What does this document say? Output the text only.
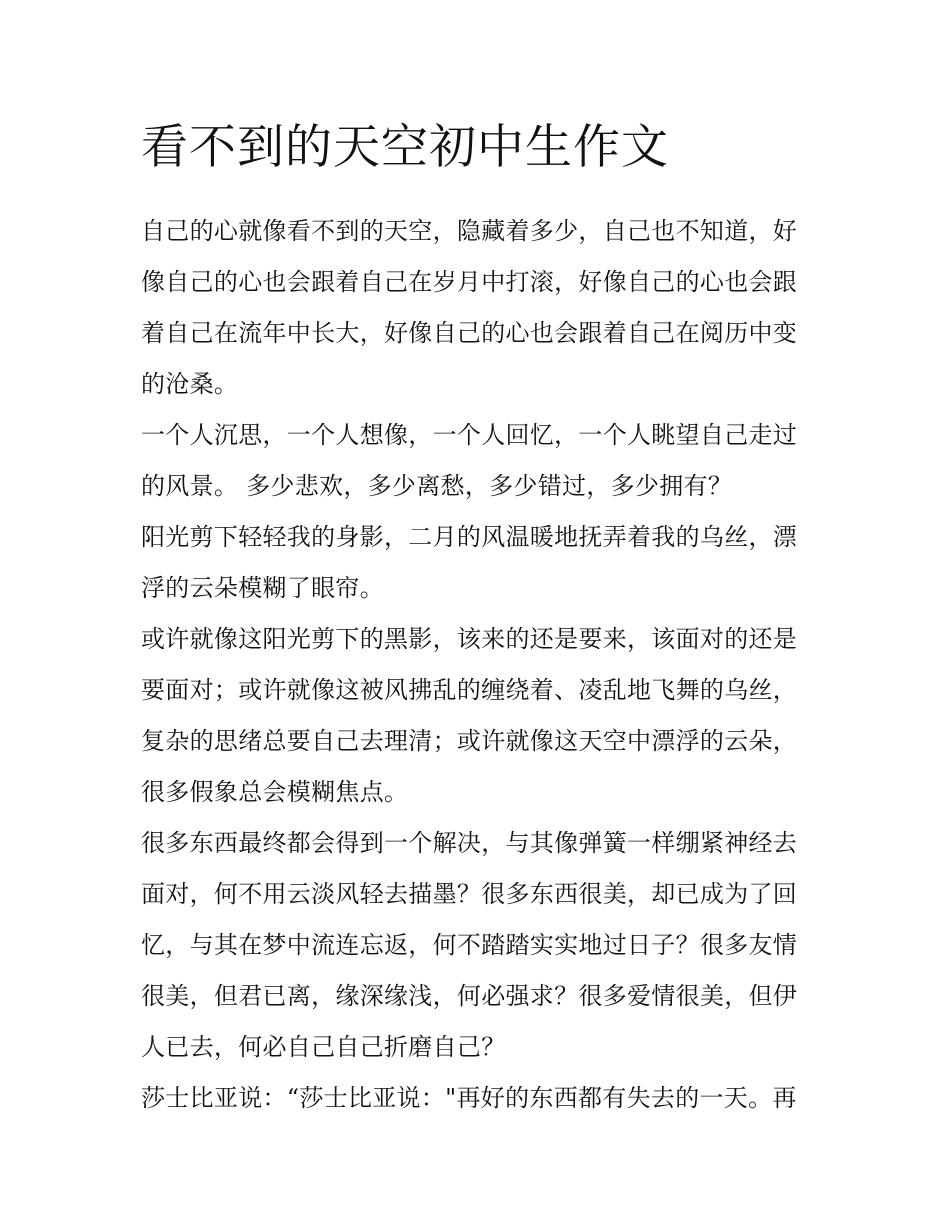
看不到的天空初中生作文

自己的心就像看不到的天空，隐藏着多少，自己也不知道，好像自己的心也会跟着自己在岁月中打滚，好像自己的心也会跟着自己在流年中长大，好像自己的心也会跟着自己在阅历中变的沧桑。

一个人沉思，一个人想像，一个人回忆，一个人眺望自己走过的风景。 多少悲欢，多少离愁，多少错过，多少拥有？

阳光剪下轻轻我的身影，二月的风温暖地抚弄着我的乌丝，漂浮的云朵模糊了眼帘。

或许就像这阳光剪下的黑影，该来的还是要来，该面对的还是要面对；或许就像这被风拂乱的缠绕着、凌乱地飞舞的乌丝，复杂的思绪总要自己去理清；或许就像这天空中漂浮的云朵，很多假象总会模糊焦点。

很多东西最终都会得到一个解决，与其像弹簧一样绷紧神经去面对，何不用云淡风轻去描墨？很多东西很美，却已成为了回忆，与其在梦中流连忘返，何不踏踏实实地过日子？很多友情很美，但君已离，缘深缘浅，何必强求？很多爱情很美，但伊人已去，何必自己自己折磨自己？

莎士比亚说：“莎士比亚说："再好的东西都有失去的一天。再
